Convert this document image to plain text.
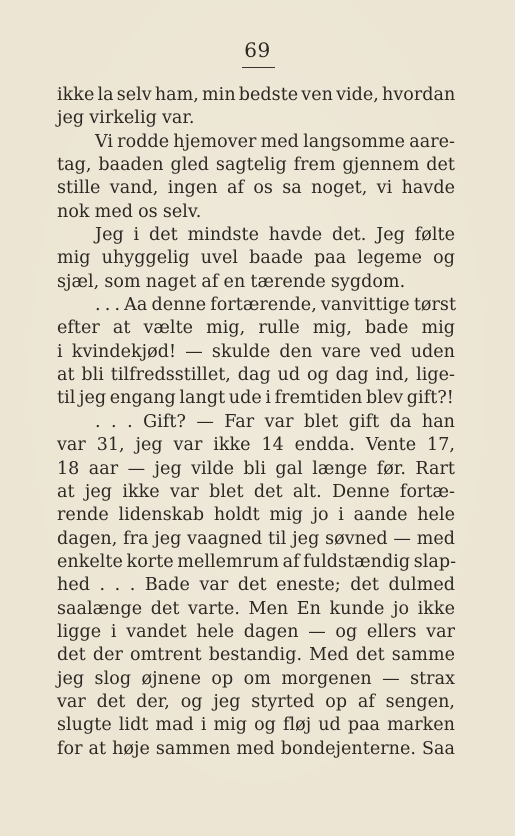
69
ikke la selv ham, min bedste ven vide, hvordan
jeg virkelig var.
Vi rodde hjemover med langsomme aare-
tag, baaden gled sagtelig frem gjennem det
stille vand, ingen af os sa noget, vi havde
nok med os selv.
Jeg i det mindste havde det. Jeg følte
mig uhyggelig uvel baade paa legeme og
sjæl, som naget af en tærende sygdom.
. . . Aa denne fortærende, vanvittige tørst
efter at vælte mig, rulle mig, bade mig
i kvindekjød! — skulde den vare ved uden
at bli tilfredsstillet, dag ud og dag ind, lige-
til jeg engang langt ude i fremtiden blev gift?!
. . . Gift? — Far var blet gift da han
var 31, jeg var ikke 14 endda. Vente 17,
18 aar — jeg vilde bli gal længe før. Rart
at jeg ikke var blet det alt. Denne fortæ-
rende lidenskab holdt mig jo i aande hele
dagen, fra jeg vaagned til jeg søvned — med
enkelte korte mellemrum af fuldstændig slap-
hed . . . Bade var det eneste; det dulmed
saalænge det varte. Men En kunde jo ikke
ligge i vandet hele dagen — og ellers var
det der omtrent bestandig. Med det samme
jeg slog øjnene op om morgenen — strax
var det der, og jeg styrted op af sengen,
slugte lidt mad i mig og fløj ud paa marken
for at høje sammen med bondejenterne. Saa
